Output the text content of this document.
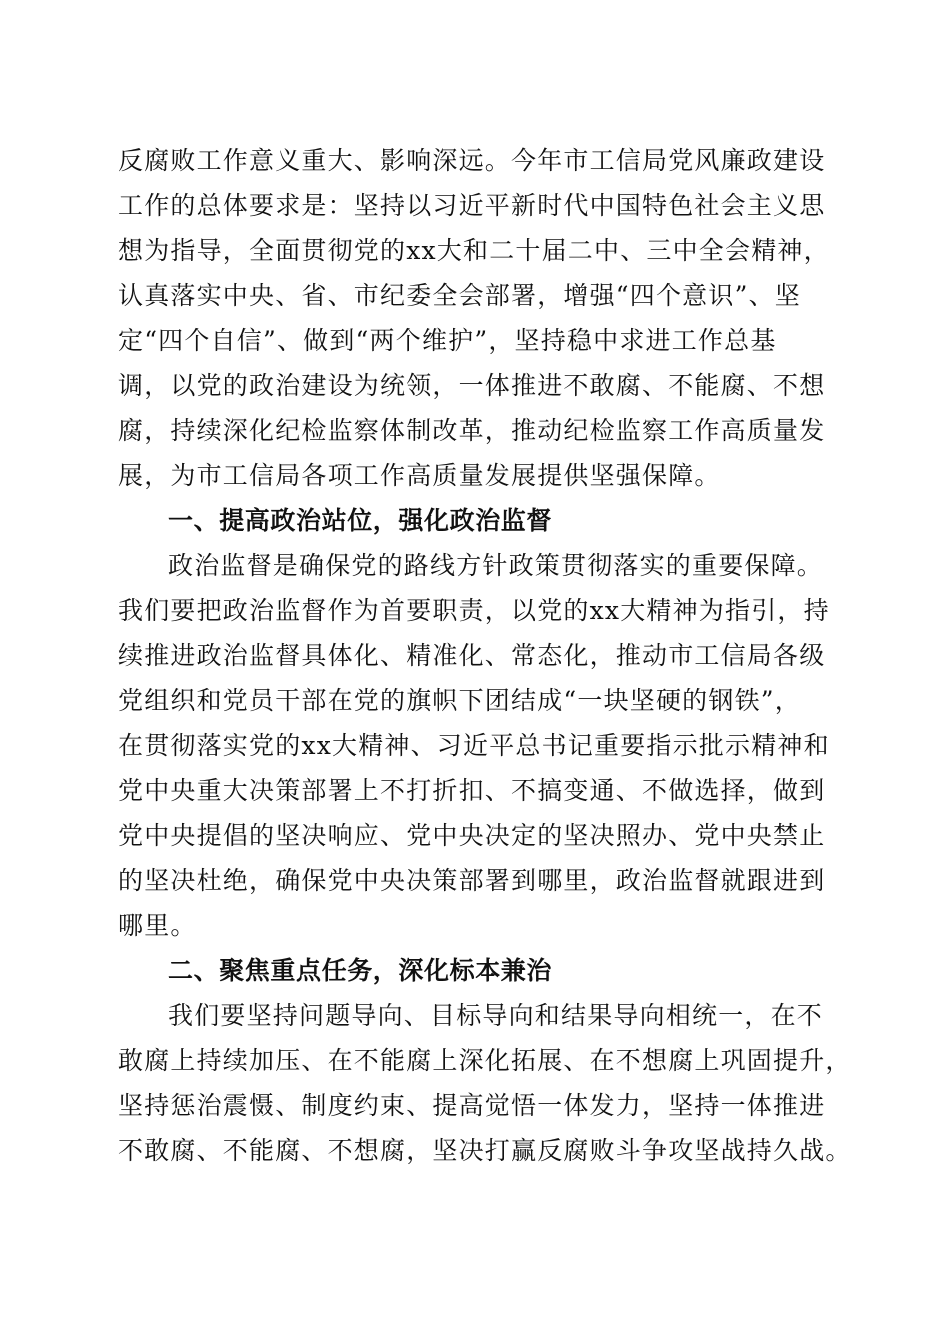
反腐败工作意义重大、影响深远。今年市工信局党风廉政建设
工作的总体要求是：坚持以习近平新时代中国特色社会主义思
想为指导，全面贯彻党的xx大和二十届二中、三中全会精神，
认真落实中央、省、市纪委全会部署，增强“四个意识”、坚
定“四个自信”、做到“两个维护”，坚持稳中求进工作总基
调，以党的政治建设为统领，一体推进不敢腐、不能腐、不想
腐，持续深化纪检监察体制改革，推动纪检监察工作高质量发
展，为市工信局各项工作高质量发展提供坚强保障。
一、提高政治站位，强化政治监督
政治监督是确保党的路线方针政策贯彻落实的重要保障。
我们要把政治监督作为首要职责，以党的xx大精神为指引，持
续推进政治监督具体化、精准化、常态化，推动市工信局各级
党组织和党员干部在党的旗帜下团结成“一块坚硬的钢铁”，
在贯彻落实党的xx大精神、习近平总书记重要指示批示精神和
党中央重大决策部署上不打折扣、不搞变通、不做选择，做到
党中央提倡的坚决响应、党中央决定的坚决照办、党中央禁止
的坚决杜绝，确保党中央决策部署到哪里，政治监督就跟进到
哪里。
二、聚焦重点任务，深化标本兼治
我们要坚持问题导向、目标导向和结果导向相统一，在不
敢腐上持续加压、在不能腐上深化拓展、在不想腐上巩固提升，
坚持惩治震慑、制度约束、提高觉悟一体发力，坚持一体推进
不敢腐、不能腐、不想腐，坚决打赢反腐败斗争攻坚战持久战。
